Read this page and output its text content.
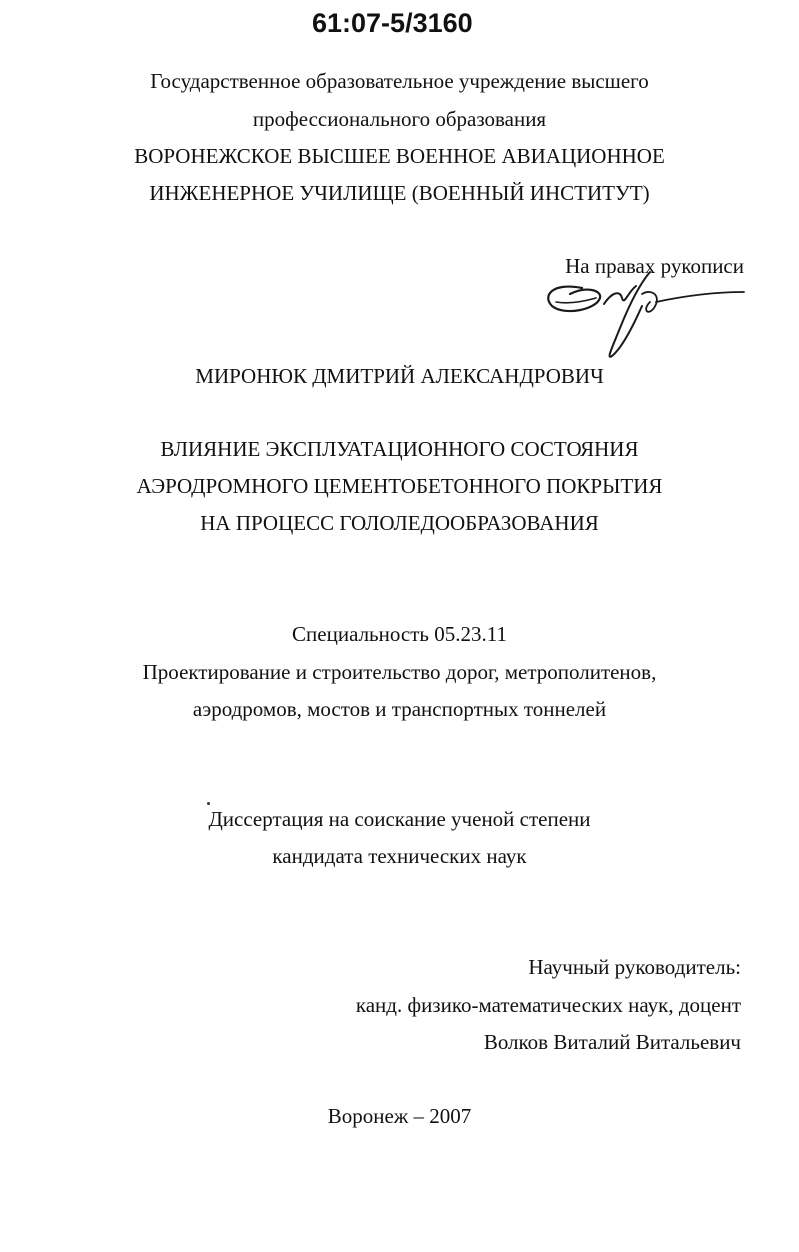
61:07-5/3160
Государственное образовательное учреждение высшего
профессионального образования
ВОРОНЕЖСКОЕ ВЫСШЕЕ ВОЕННОЕ АВИАЦИОННОЕ
ИНЖЕНЕРНОЕ УЧИЛИЩЕ (ВОЕННЫЙ ИНСТИТУТ)
На правах рукописи
МИРОНЮК ДМИТРИЙ АЛЕКСАНДРОВИЧ
ВЛИЯНИЕ ЭКСПЛУАТАЦИОННОГО СОСТОЯНИЯ
АЭРОДРОМНОГО ЦЕМЕНТОБЕТОННОГО ПОКРЫТИЯ
НА ПРОЦЕСС ГОЛОЛЕДООБРАЗОВАНИЯ
Специальность 05.23.11
Проектирование и строительство дорог, метрополитенов,
аэродромов, мостов и транспортных тоннелей
Диссертация на соискание ученой степени
кандидата технических наук
Научный руководитель:
канд. физико-математических наук, доцент
Волков Виталий Витальевич
Воронеж – 2007
